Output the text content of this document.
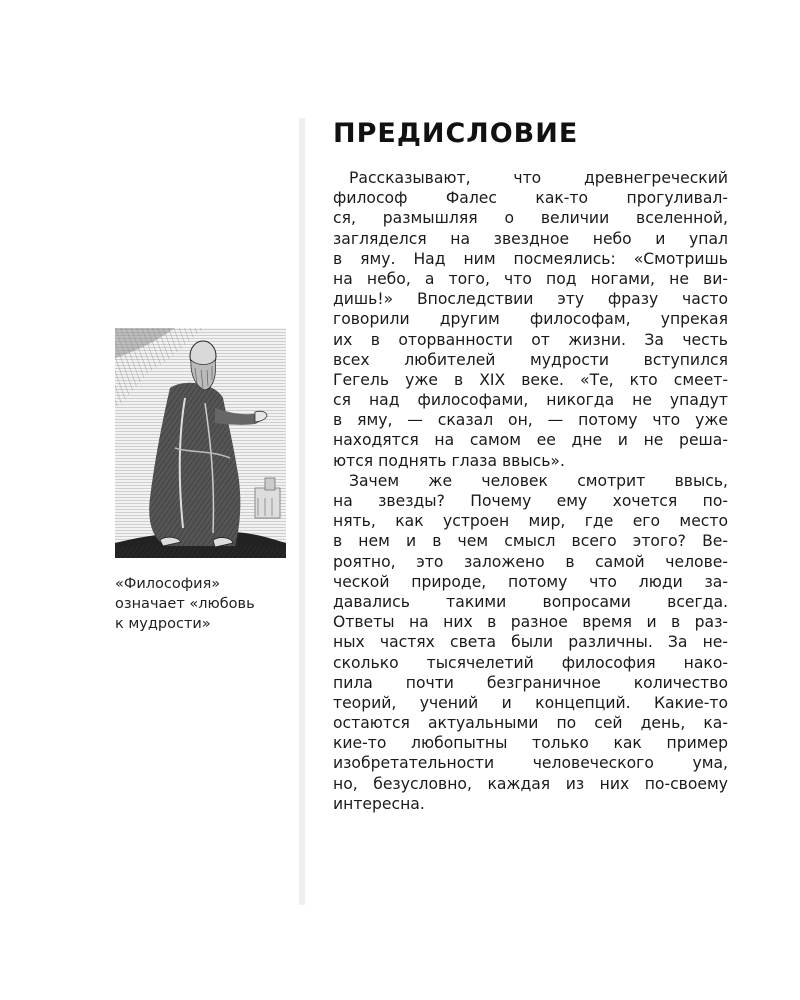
«Философия»
означает «любовь
к мудрости»
ПРЕДИСЛОВИЕ
Рассказывают, что древнегреческий
философ Фалес как-то прогуливал-
ся, размышляя о величии вселенной,
загляделся на звездное небо и упал
в яму. Над ним посмеялись: «Смотришь
на небо, а того, что под ногами, не ви-
дишь!» Впоследствии эту фразу часто
говорили другим философам, упрекая
их в оторванности от жизни. За честь
всех любителей мудрости вступился
Гегель уже в XIX веке. «Те, кто смеет-
ся над философами, никогда не упадут
в яму, — сказал он, — потому что уже
находятся на самом ее дне и не реша-
ются поднять глаза ввысь».
Зачем же человек смотрит ввысь,
на звезды? Почему ему хочется по-
нять, как устроен мир, где его место
в нем и в чем смысл всего этого? Ве-
роятно, это заложено в самой челове-
ческой природе, потому что люди за-
давались такими вопросами всегда.
Ответы на них в разное время и в раз-
ных частях света были различны. За не-
сколько тысячелетий философия нако-
пила почти безграничное количество
теорий, учений и концепций. Какие-то
остаются актуальными по сей день, ка-
кие-то любопытны только как пример
изобретательности человеческого ума,
но, безусловно, каждая из них по-своему
интересна.
